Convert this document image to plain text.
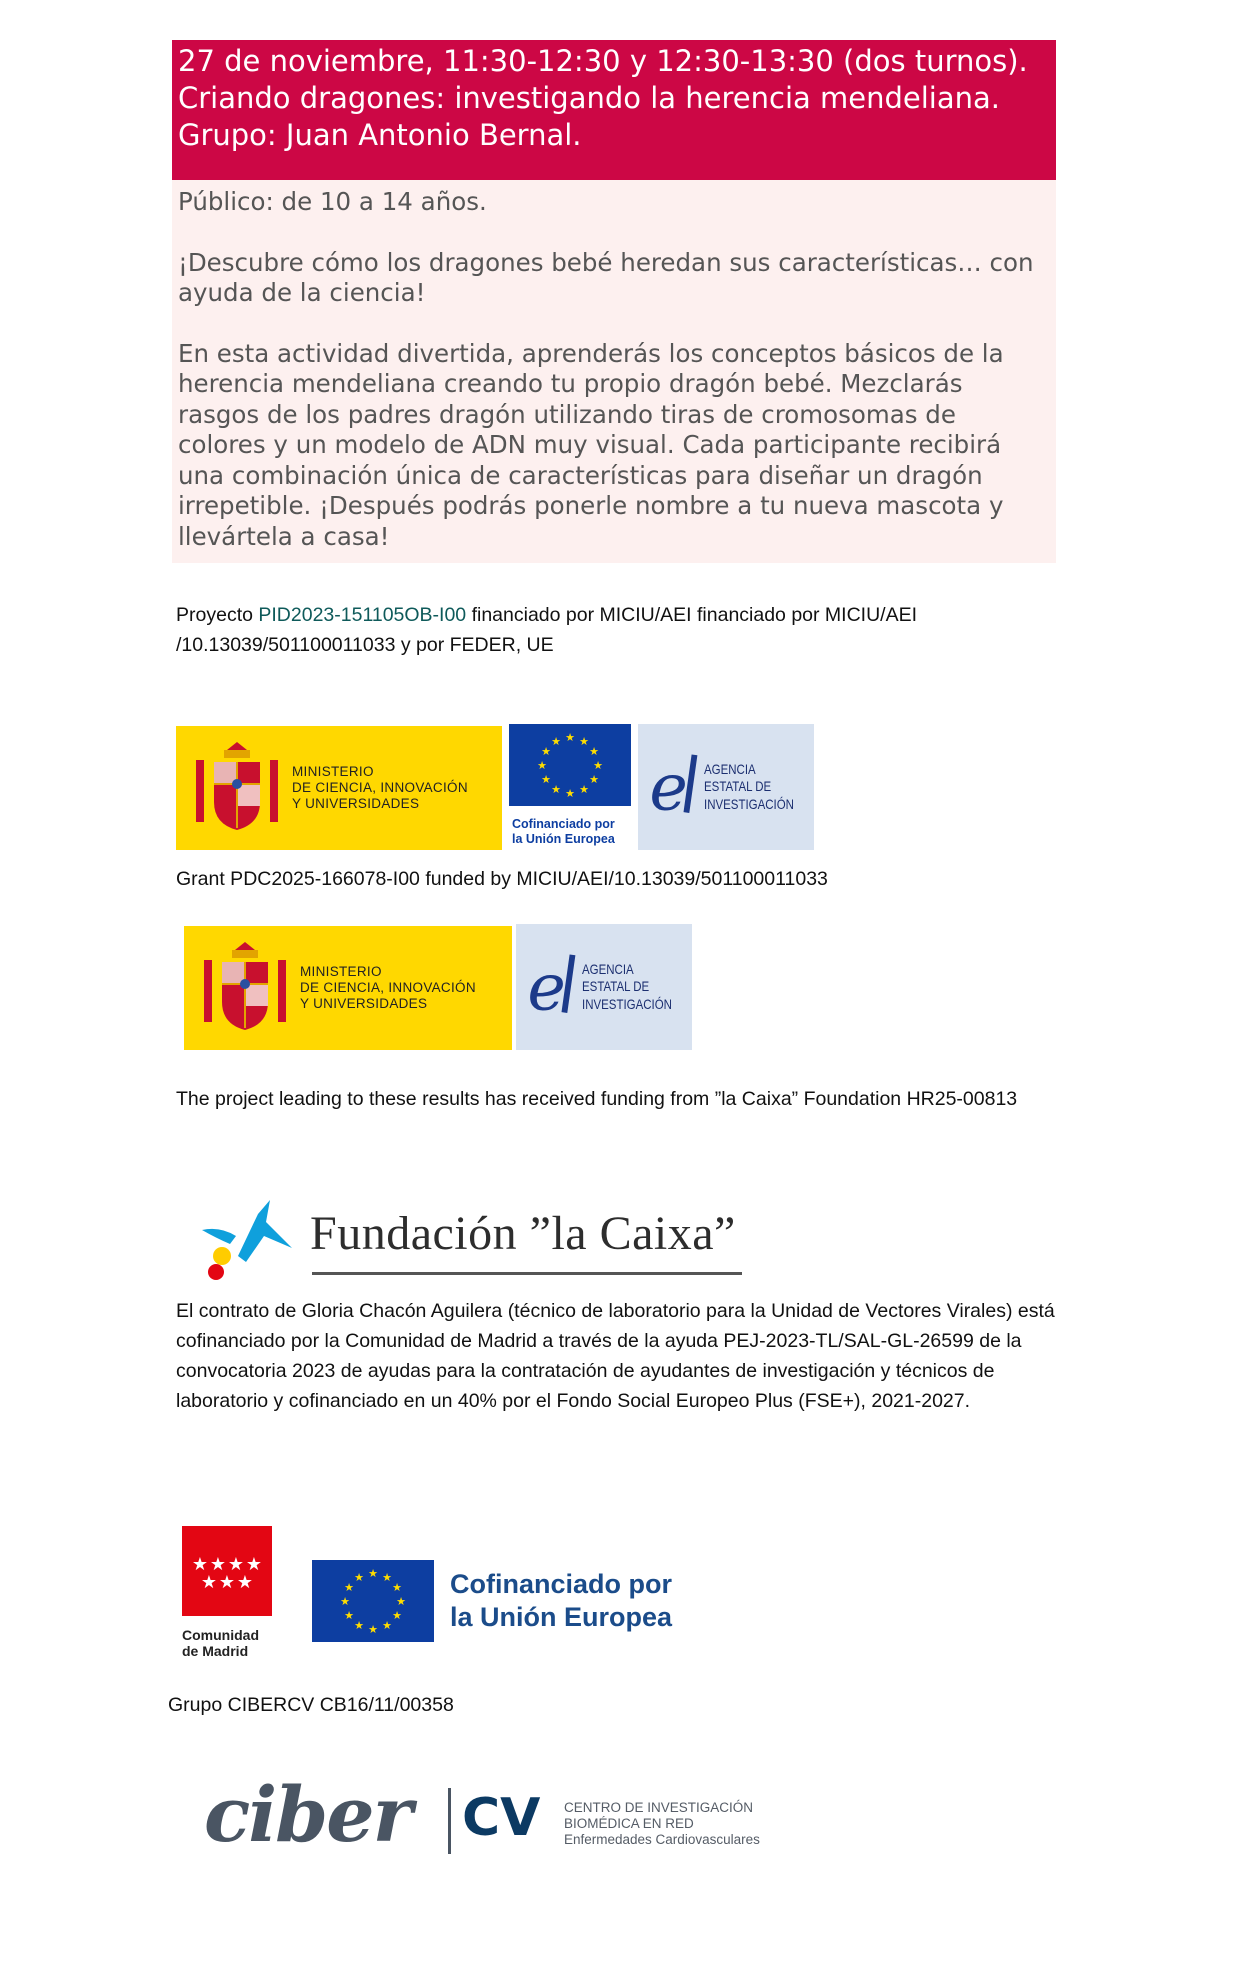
27 de noviembre, 11:30-12:30 y 12:30-13:30 (dos turnos). Criando dragones: investigando la herencia mendeliana. Grupo: Juan Antonio Bernal.

Público: de 10 a 14 años.

¡Descubre cómo los dragones bebé heredan sus características… con ayuda de la ciencia!

En esta actividad divertida, aprenderás los conceptos básicos de la herencia mendeliana creando tu propio dragón bebé. Mezclarás rasgos de los padres dragón utilizando tiras de cromosomas de colores y un modelo de ADN muy visual. Cada participante recibirá una combinación única de características para diseñar un dragón irrepetible. ¡Después podrás ponerle nombre a tu nueva mascota y llevártela a casa!

Proyecto PID2023-151105OB-I00 financiado por MICIU/AEI financiado por MICIU/AEI /10.13039/501100011033 y por FEDER, UE
MINISTERIO
DE CIENCIA, INNOVACIÓN
Y UNIVERSIDADES
★ ★
★
★
★
★
★
★
★
★
★
★
Cofinanciado por
la Unión Europea
e AGENCIA
ESTATAL DE
INVESTIGACIÓN
Grant PDC2025-166078-I00 funded by MICIU/AEI/10.13039/501100011033
MINISTERIO
DE CIENCIA, INNOVACIÓN
Y UNIVERSIDADES	e AGENCIA
ESTATAL DE
INVESTIGACIÓN
The project leading to these results has received funding from ”la Caixa” Foundation HR25-00813
Fundación ”la Caixa”
El contrato de Gloria Chacón Aguilera (técnico de laboratorio para la Unidad de Vectores Virales) está cofinanciado por la Comunidad de Madrid a través de la ayuda PEJ-2023-TL/SAL-GL-26599 de la convocatoria 2023 de ayudas para la contratación de ayudantes de investigación y técnicos de laboratorio y cofinanciado en un 40% por el Fondo Social Europeo Plus (FSE+), 2021-2027.
★ ★ ★ ★
★ ★ ★
Comunidad
de Madrid
★ ★
★
★
★
★
★
★
★
★
★
★	Cofinanciado por
la Unión Europea
Grupo CIBERCV CB16/11/00358
ciber CV CENTRO DE INVESTIGACIÓN
BIOMÉDICA EN RED
Enfermedades Cardiovasculares
